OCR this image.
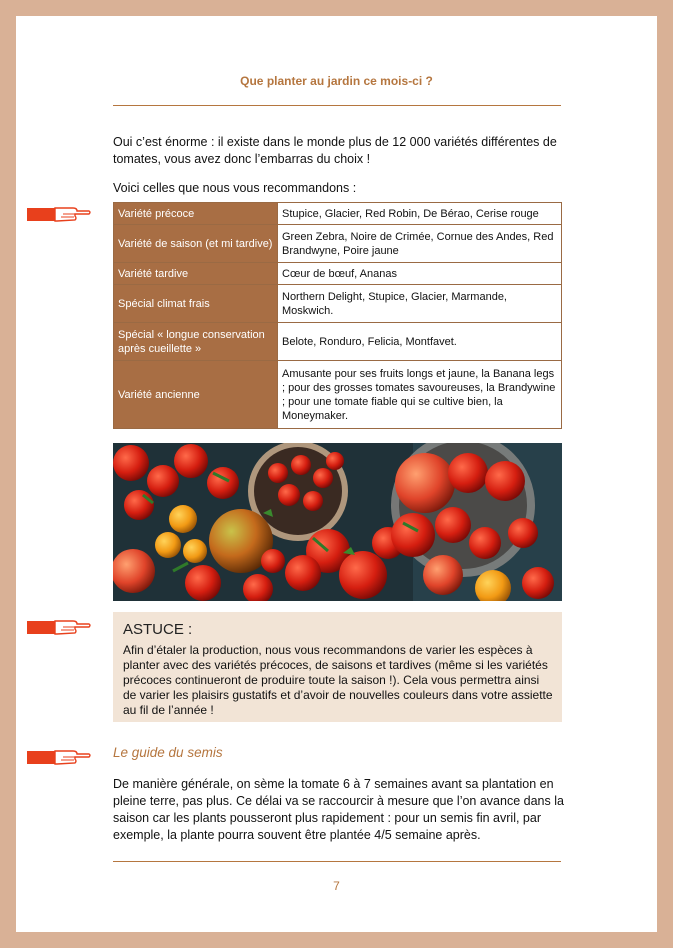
Que planter au jardin ce mois-ci ?
Oui c’est énorme : il existe dans le monde plus de 12 000 variétés différentes de tomates, vous avez donc l’embarras du choix !
Voici celles que nous vous recommandons :
Variété précoce	Stupice, Glacier, Red Robin, De Bérao, Cerise rouge
Variété de saison (et mi tardive)	Green Zebra, Noire de Crimée, Cornue des Andes, Red Brandwyne, Poire jaune
Variété tardive	Cœur de bœuf, Ananas
Spécial climat frais	Northern Delight, Stupice, Glacier, Marmande, Moskwich.
Spécial « longue conservation après cueillette »	Belote, Ronduro, Felicia, Montfavet.
Variété ancienne	Amusante pour ses fruits longs et jaune, la Banana legs ; pour des grosses tomates savoureuses, la Brandywine ; pour une tomate fiable qui se cultive bien, la Moneymaker.
ASTUCE :
Afin d’étaler la production, nous vous recommandons de varier les espèces à planter avec des variétés précoces, de saisons et tardives (même si les variétés précoces continueront de produire toute la saison !). Cela vous permettra ainsi de varier les plaisirs gustatifs et d’avoir de nouvelles couleurs dans votre assiette au fil de l’année !
Le guide du semis
De manière générale, on sème la tomate 6 à 7 semaines avant sa plantation en pleine terre, pas plus. Ce délai va se raccourcir à mesure que l’on avance dans la saison car les plants pousseront plus rapidement : pour un semis fin avril, par exemple, la plante pourra souvent être plantée 4/5 semaine après.
7
